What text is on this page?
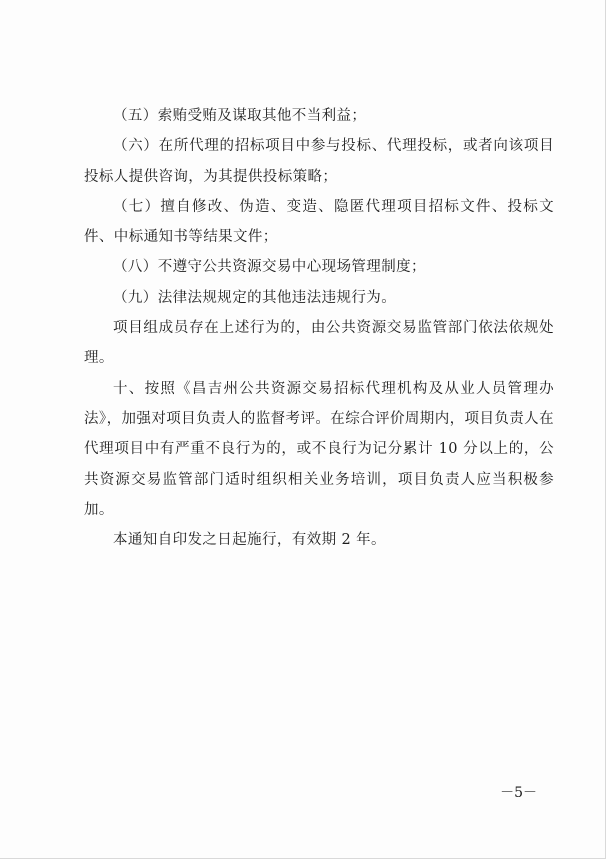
（五）索贿受贿及谋取其他不当利益；

（六）在所代理的招标项目中参与投标、代理投标，或者向该项目投标人提供咨询，为其提供投标策略；

（七）擅自修改、伪造、变造、隐匿代理项目招标文件、投标文件、中标通知书等结果文件；

（八）不遵守公共资源交易中心现场管理制度；

（九）法律法规规定的其他违法违规行为。

项目组成员存在上述行为的，由公共资源交易监管部门依法依规处理。

十、按照《昌吉州公共资源交易招标代理机构及从业人员管理办法》，加强对项目负责人的监督考评。在综合评价周期内，项目负责人在代理项目中有严重不良行为的，或不良行为记分累计 10 分以上的，公共资源交易监管部门适时组织相关业务培训，项目负责人应当积极参加。

本通知自印发之日起施行，有效期 2 年。

－5－
